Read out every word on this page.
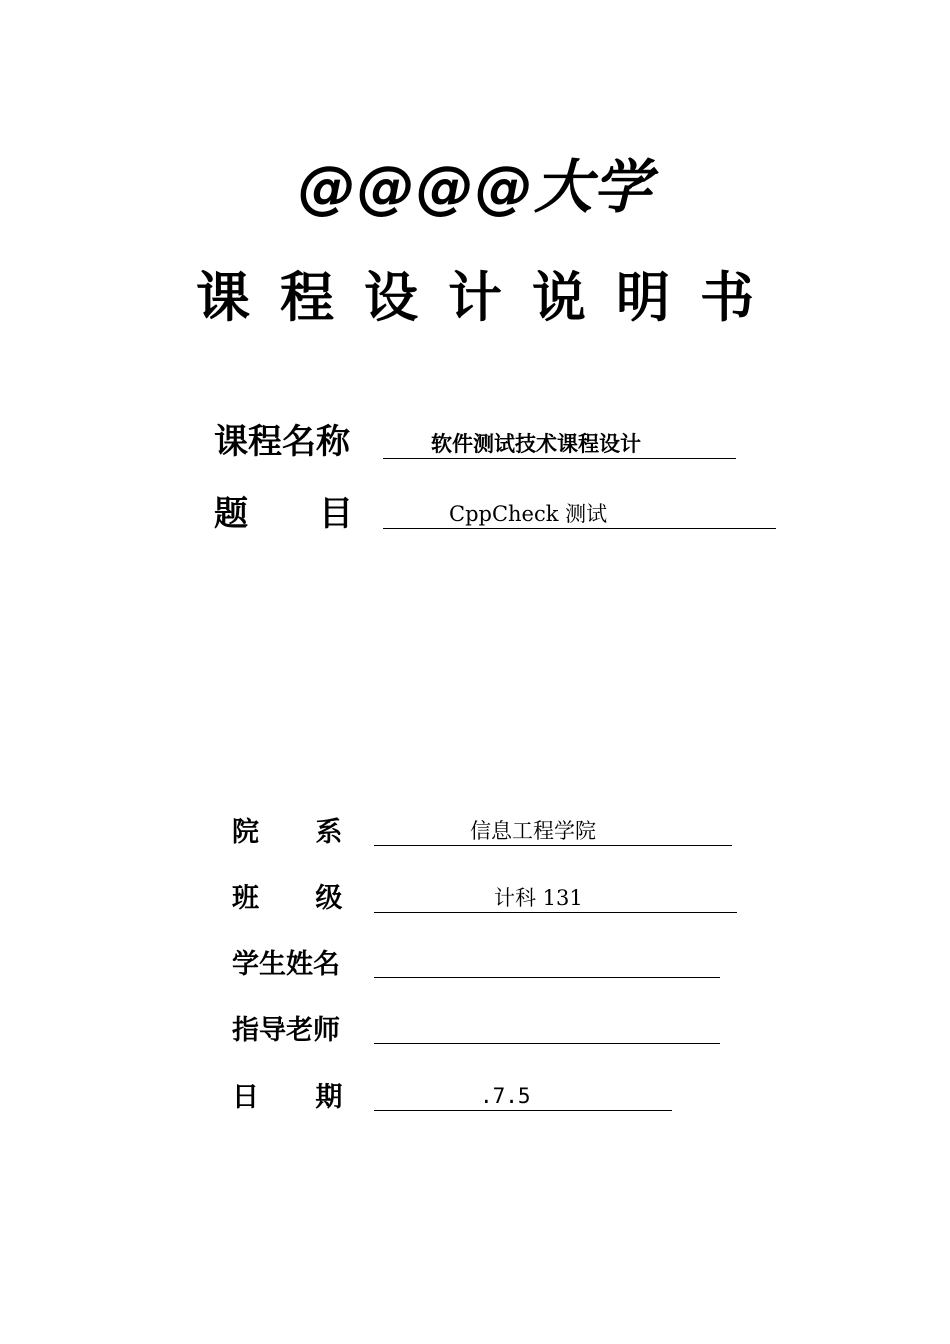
@@@@大学
课程设计说明书
课程名称	软件测试技术课程设计
题      目	CppCheck 测试
院      系	信息工程学院
班      级	计科 131
学生姓名
指导老师
日      期	.7.5
